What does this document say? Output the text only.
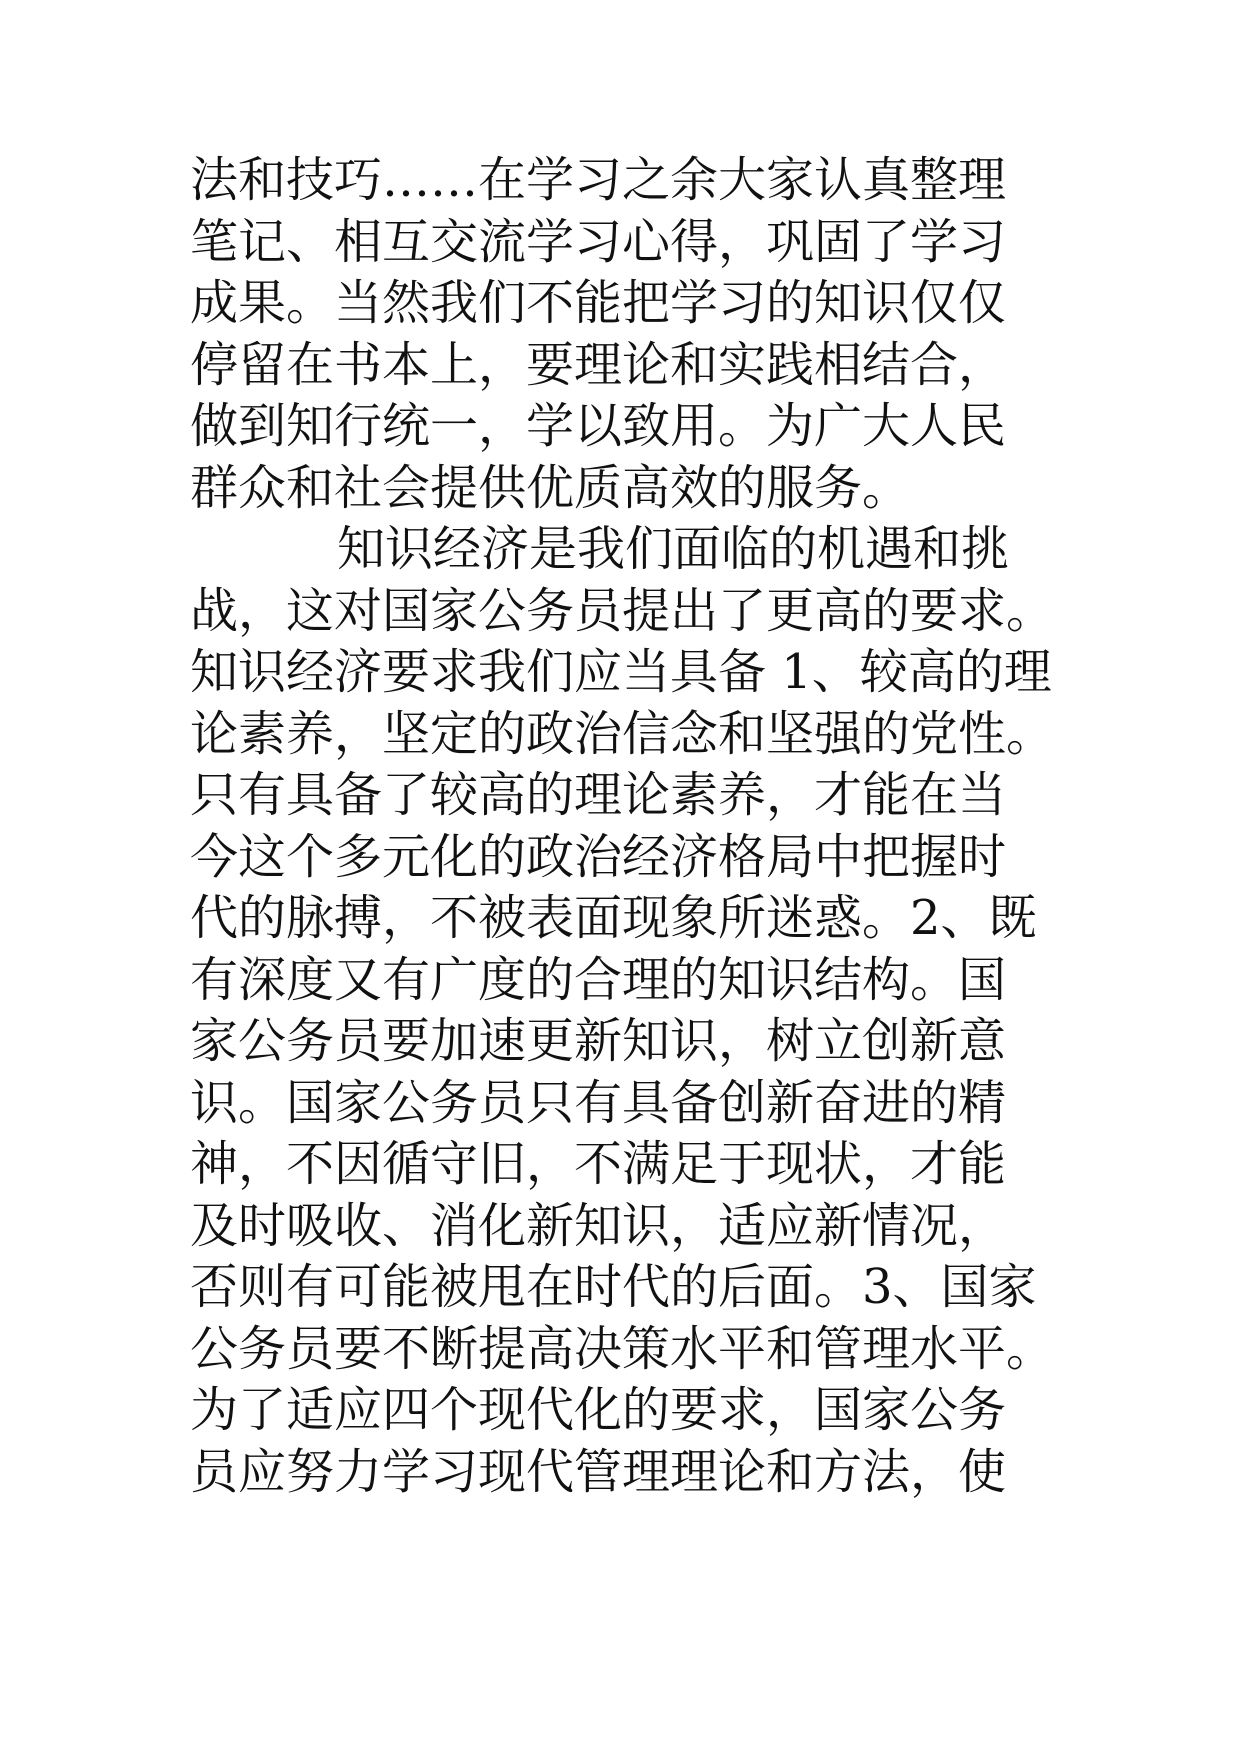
法和技巧……在学习之余大家认真整理
笔记、相互交流学习心得，巩固了学习
成果。当然我们不能把学习的知识仅仅
停留在书本上，要理论和实践相结合，
做到知行统一，学以致用。为广大人民
群众和社会提供优质高效的服务。
知识经济是我们面临的机遇和挑
战，这对国家公务员提出了更高的要求。
知识经济要求我们应当具备 1、较高的理
论素养，坚定的政治信念和坚强的党性。
只有具备了较高的理论素养，才能在当
今这个多元化的政治经济格局中把握时
代的脉搏，不被表面现象所迷惑。2、既
有深度又有广度的合理的知识结构。国
家公务员要加速更新知识，树立创新意
识。国家公务员只有具备创新奋进的精
神，不因循守旧，不满足于现状，才能
及时吸收、消化新知识，适应新情况，
否则有可能被甩在时代的后面。3、国家
公务员要不断提高决策水平和管理水平。
为了适应四个现代化的要求，国家公务
员应努力学习现代管理理论和方法，使
